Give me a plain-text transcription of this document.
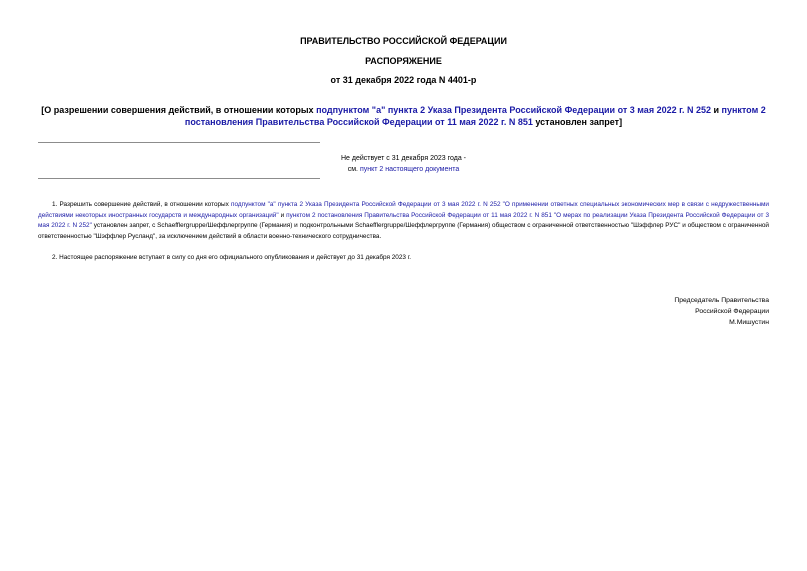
ПРАВИТЕЛЬСТВО РОССИЙСКОЙ ФЕДЕРАЦИИ
РАСПОРЯЖЕНИЕ
от 31 декабря 2022 года N 4401-р
[О разрешении совершения действий, в отношении которых подпунктом "а" пункта 2 Указа Президента Российской Федерации от 3 мая 2022 г. N 252 и пунктом 2 постановления Правительства Российской Федерации от 11 мая 2022 г. N 851 установлен запрет]
Не действует с 31 декабря 2023 года -
см. пункт 2 настоящего документа
1. Разрешить совершение действий, в отношении которых подпунктом "а" пункта 2 Указа Президента Российской Федерации от 3 мая 2022 г. N 252 "О применении ответных специальных экономических мер в связи с недружественными действиями некоторых иностранных государств и международных организаций" и пунктом 2 постановления Правительства Российской Федерации от 11 мая 2022 г. N 851 "О мерах по реализации Указа Президента Российской Федерации от 3 мая 2022 г. N 252" установлен запрет, с Schaefflergruppe/Шеффлергруппе (Германия) и подконтрольными Schaefflergruppe/Шеффлергруппе (Германия) обществом с ограниченной ответственностью "Шэффлер РУС" и обществом с ограниченной ответственностью "Шэффлер Русланд", за исключением действий в области военно-технического сотрудничества.
2. Настоящее распоряжение вступает в силу со дня его официального опубликования и действует до 31 декабря 2023 г.
Председатель Правительства
Российской Федерации
М.Мишустин
